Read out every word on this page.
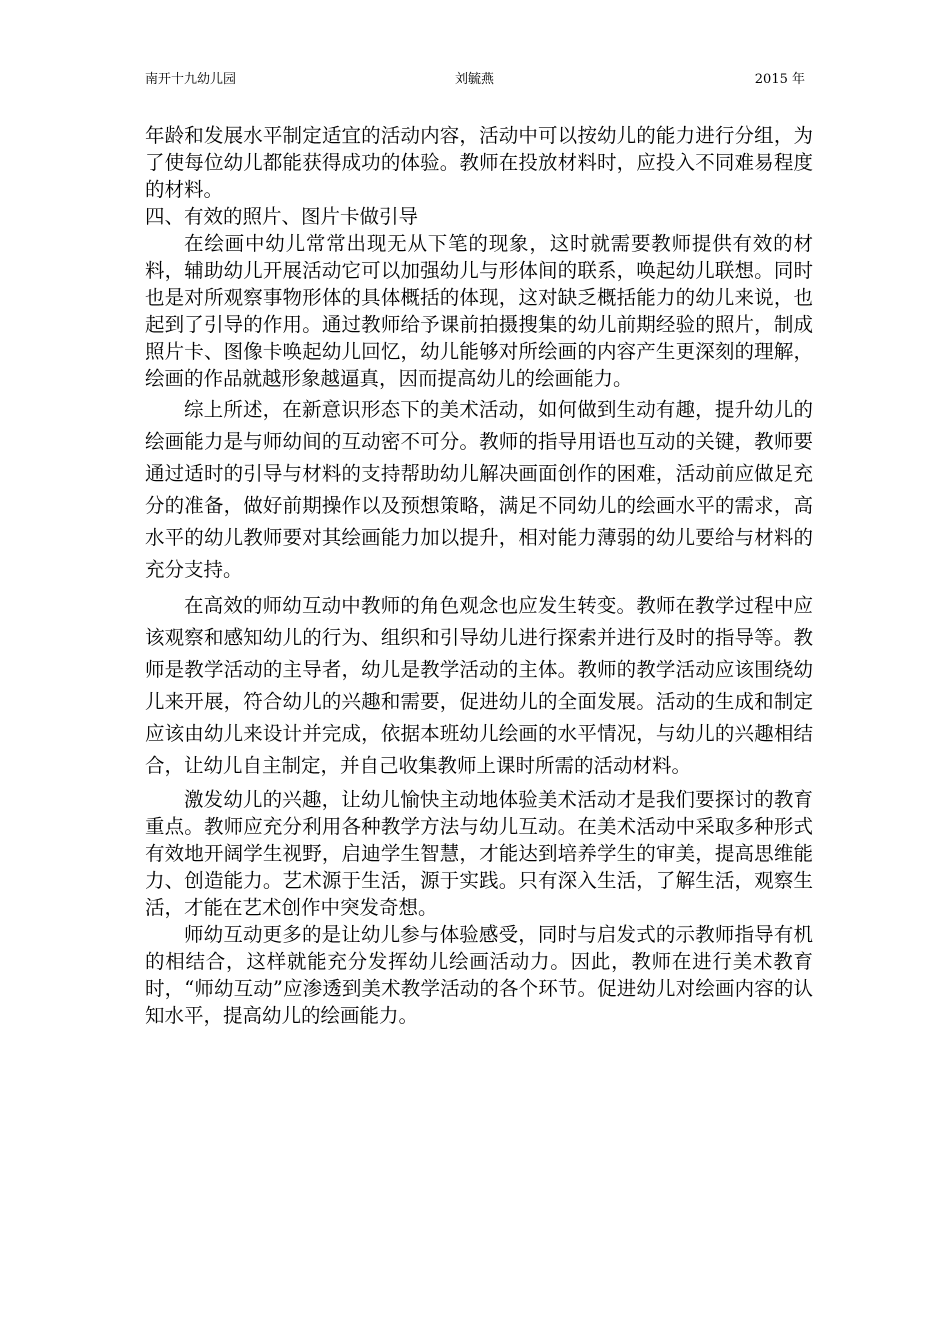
南开十九幼儿园	刘毓燕	2015 年

年龄和发展水平制定适宜的活动内容，活动中可以按幼儿的能力进行分组，为了使每位幼儿都能获得成功的体验。教师在投放材料时，应投入不同难易程度的材料。

四、有效的照片、图片卡做引导

在绘画中幼儿常常出现无从下笔的现象，这时就需要教师提供有效的材料，辅助幼儿开展活动它可以加强幼儿与形体间的联系，唤起幼儿联想。同时也是对所观察事物形体的具体概括的体现，这对缺乏概括能力的幼儿来说，也起到了引导的作用。通过教师给予课前拍摄搜集的幼儿前期经验的照片，制成照片卡、图像卡唤起幼儿回忆，幼儿能够对所绘画的内容产生更深刻的理解，绘画的作品就越形象越逼真，因而提高幼儿的绘画能力。

综上所述，在新意识形态下的美术活动，如何做到生动有趣，提升幼儿的绘画能力是与师幼间的互动密不可分。教师的指导用语也互动的关键，教师要通过适时的引导与材料的支持帮助幼儿解决画面创作的困难，活动前应做足充分的准备，做好前期操作以及预想策略，满足不同幼儿的绘画水平的需求，高水平的幼儿教师要对其绘画能力加以提升，相对能力薄弱的幼儿要给与材料的充分支持。

在高效的师幼互动中教师的角色观念也应发生转变。教师在教学过程中应该观察和感知幼儿的行为、组织和引导幼儿进行探索并进行及时的指导等。教师是教学活动的主导者，幼儿是教学活动的主体。教师的教学活动应该围绕幼儿来开展，符合幼儿的兴趣和需要，促进幼儿的全面发展。活动的生成和制定应该由幼儿来设计并完成，依据本班幼儿绘画的水平情况，与幼儿的兴趣相结合，让幼儿自主制定，并自己收集教师上课时所需的活动材料。

激发幼儿的兴趣，让幼儿愉快主动地体验美术活动才是我们要探讨的教育重点。教师应充分利用各种教学方法与幼儿互动。在美术活动中采取多种形式有效地开阔学生视野，启迪学生智慧，才能达到培养学生的审美，提高思维能力、创造能力。艺术源于生活，源于实践。只有深入生活，了解生活，观察生活，才能在艺术创作中突发奇想。

师幼互动更多的是让幼儿参与体验感受，同时与启发式的示教师指导有机的相结合，这样就能充分发挥幼儿绘画活动力。因此，教师在进行美术教育时，“师幼互动”应渗透到美术教学活动的各个环节。促进幼儿对绘画内容的认知水平，提高幼儿的绘画能力。
